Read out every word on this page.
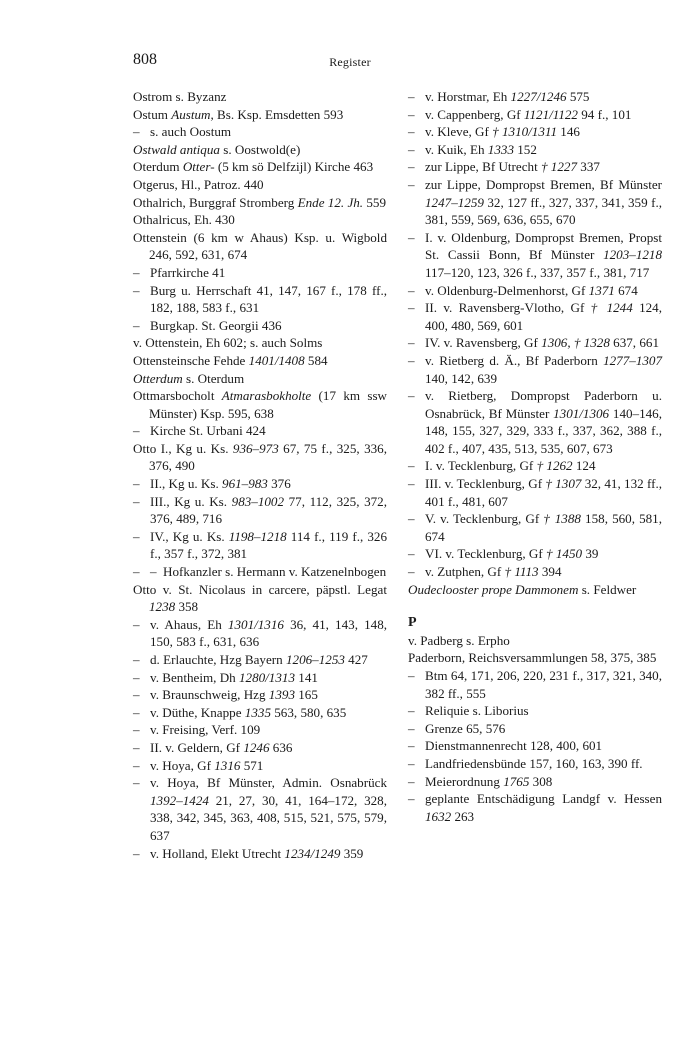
808	Register
Ostrom s. Byzanz
Ostum Austum, Bs. Ksp. Emsdetten 593
– s. auch Oostum
Ostwald antiqua s. Oostwold(e)
Oterdum Otter- (5 km sö Delfzijl) Kirche 463
Otgerus, Hl., Patroz. 440
Othalrich, Burggraf Stromberg Ende 12. Jh. 559
Othalricus, Eh. 430
Ottenstein (6 km w Ahaus) Ksp. u. Wigbold 246, 592, 631, 674
– Pfarrkirche 41
– Burg u. Herrschaft 41, 147, 167 f., 178 ff., 182, 188, 583 f., 631
– Burgkap. St. Georgii 436
v. Ottenstein, Eh 602; s. auch Solms
Ottensteinsche Fehde 1401/1408 584
Otterdum s. Oterdum
Ottmarsbocholt Atmarasbokholte (17 km ssw Münster) Ksp. 595, 638
– Kirche St. Urbani 424
Otto I., Kg u. Ks. 936–973 67, 75 f., 325, 336, 376, 490
– II., Kg u. Ks. 961–983 376
– III., Kg u. Ks. 983–1002 77, 112, 325, 372, 376, 489, 716
– IV., Kg u. Ks. 1198–1218 114 f., 119 f., 326 f., 357 f., 372, 381
– – Hofkanzler s. Hermann v. Katzenelnbogen
Otto v. St. Nicolaus in carcere, päpstl. Legat 1238 358
– v. Ahaus, Eh 1301/1316 36, 41, 143, 148, 150, 583 f., 631, 636
– d. Erlauchte, Hzg Bayern 1206–1253 427
– v. Bentheim, Dh 1280/1313 141
– v. Braunschweig, Hzg 1393 165
– v. Düthe, Knappe 1335 563, 580, 635
– v. Freising, Verf. 109
– II. v. Geldern, Gf 1246 636
– v. Hoya, Gf 1316 571
– v. Hoya, Bf Münster, Admin. Osnabrück 1392–1424 21, 27, 30, 41, 164–172, 328, 338, 342, 345, 363, 408, 515, 521, 575, 579, 637
– v. Holland, Elekt Utrecht 1234/1249 359
– v. Horstmar, Eh 1227/1246 575
– v. Cappenberg, Gf 1121/1122 94 f., 101
– v. Kleve, Gf † 1310/1311 146
– v. Kuik, Eh 1333 152
– zur Lippe, Bf Utrecht † 1227 337
– zur Lippe, Dompropst Bremen, Bf Münster 1247–1259 32, 127 ff., 327, 337, 341, 359 f., 381, 559, 569, 636, 655, 670
– I. v. Oldenburg, Dompropst Bremen, Propst St. Cassii Bonn, Bf Münster 1203–1218 117–120, 123, 326 f., 337, 357 f., 381, 717
– v. Oldenburg-Delmenhorst, Gf 1371 674
– II. v. Ravensberg-Vlotho, Gf † 1244 124, 400, 480, 569, 601
– IV. v. Ravensberg, Gf 1306, † 1328 637, 661
– v. Rietberg d. Ä., Bf Paderborn 1277–1307 140, 142, 639
– v. Rietberg, Dompropst Paderborn u. Osnabrück, Bf Münster 1301/1306 140–146, 148, 155, 327, 329, 333 f., 337, 362, 388 f., 402 f., 407, 435, 513, 535, 607, 673
– I. v. Tecklenburg, Gf † 1262 124
– III. v. Tecklenburg, Gf † 1307 32, 41, 132 ff., 401 f., 481, 607
– V. v. Tecklenburg, Gf † 1388 158, 560, 581, 674
– VI. v. Tecklenburg, Gf † 1450 39
– v. Zutphen, Gf † 1113 394
Oudeclooster prope Dammonem s. Feldwer
P
v. Padberg s. Erpho
Paderborn, Reichsversammlungen 58, 375, 385
– Btm 64, 171, 206, 220, 231 f., 317, 321, 340, 382 ff., 555
– Reliquie s. Liborius
– Grenze 65, 576
– Dienstmannenrecht 128, 400, 601
– Landfriedensbünde 157, 160, 163, 390 ff.
– Meierordnung 1765 308
– geplante Entschädigung Landgf v. Hessen 1632 263
